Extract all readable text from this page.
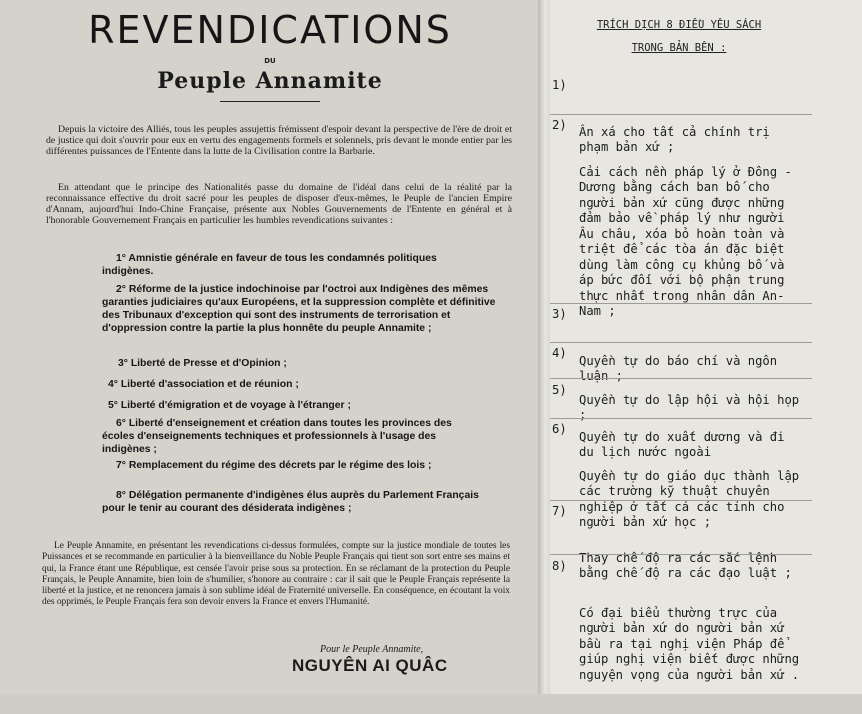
REVENDICATIONS

DU

Peuple Annamite

Depuis la victoire des Alliés, tous les peuples assujettis frémissent d'espoir devant la perspective de l'ère de droit et de justice qui doit s'ouvrir pour eux en vertu des engagements formels et solennels, pris devant le monde entier par les différentes puissances de l'Entente dans la lutte de la Civilisation contre la Barbarie.

En attendant que le principe des Nationalités passe du domaine de l'idéal dans celui de la réalité par la reconnaissance effective du droit sacré pour les peuples de disposer d'eux-mêmes, le Peuple de l'ancien Empire d'Annam, aujourd'hui Indo-Chine Française, présente aux Nobles Gouvernements de l'Entente en général et à l'honorable Gouvernement Français en particulier les humbles revendications suivantes :

1° Amnistie générale en faveur de tous les condamnés politiques indigènes.

2° Réforme de la justice indochinoise par l'octroi aux Indigènes des mêmes garanties judiciaires qu'aux Européens, et la suppression complète et définitive des Tribunaux d'exception qui sont des instruments de terrorisation et d'oppression contre la partie la plus honnête du peuple Annamite ;

3° Liberté de Presse et d'Opinion ;

4° Liberté d'association et de réunion ;

5° Liberté d'émigration et de voyage à l'étranger ;

6° Liberté d'enseignement et création dans toutes les provinces des écoles d'enseignements techniques et professionnels à l'usage des indigènes ;

7° Remplacement du régime des décrets par le régime des lois ;

8° Délégation permanente d'indigènes élus auprès du Parlement Français pour le tenir au courant des désiderata indigènes ;

Le Peuple Annamite, en présentant les revendications ci-dessus formulées, compte sur la justice mondiale de toutes les Puissances et se recommande en particulier à la bienveillance du Noble Peuple Français qui tient son sort entre ses mains et qui, la France étant une République, est censée l'avoir prise sous sa protection. En se réclamant de la protection du Peuple Français, le Peuple Annamite, bien loin de s'humilier, s'honore au contraire : car il sait que le Peuple Français représente la liberté et la justice, et ne renoncera jamais à son sublime idéal de Fraternité universelle. En conséquence, en écoutant la voix des opprimés, le Peuple Français fera son devoir envers la France et envers l'Humanité.

Pour le Peuple Annamite,

NGUYÊN AI QUÂC

TRÍCH DỊCH 8 ĐIỀU YÊU SÁCH

TRONG BẢN BÊN :

1)

Ân xá cho tất cả chính trị phạm bản xứ ;

2)

Cải cách nền pháp lý ở Đông - Dương bằng cách ban bố cho người bản xứ cũng được những đảm bảo về pháp lý như người Âu châu, xóa bỏ hoàn toàn và triệt để các tòa án đặc biệt dùng làm công cụ khủng bố và áp bức đối với bộ phận trung thực nhất trong nhân dân An-Nam ;

3)

Quyền tự do báo chí và ngôn luận ;

4)

Quyền tự do lập hội và hội họp ;

5)

Quyền tự do xuất dương và đi du lịch nước ngoài

6)

Quyền tự do giáo dục thành lập các trường kỹ thuật chuyên nghiệp ở tất cả các tỉnh cho người bản xứ học ;

7)

Thay chế độ ra các sắc lệnh bằng chế độ ra các đạo luật ;

8)

Có đại biểu thường trực của người bản xứ do người bản xứ bầu ra tại nghị viện Pháp để giúp nghị viện biết được những nguyện vọng của người bản xứ .
